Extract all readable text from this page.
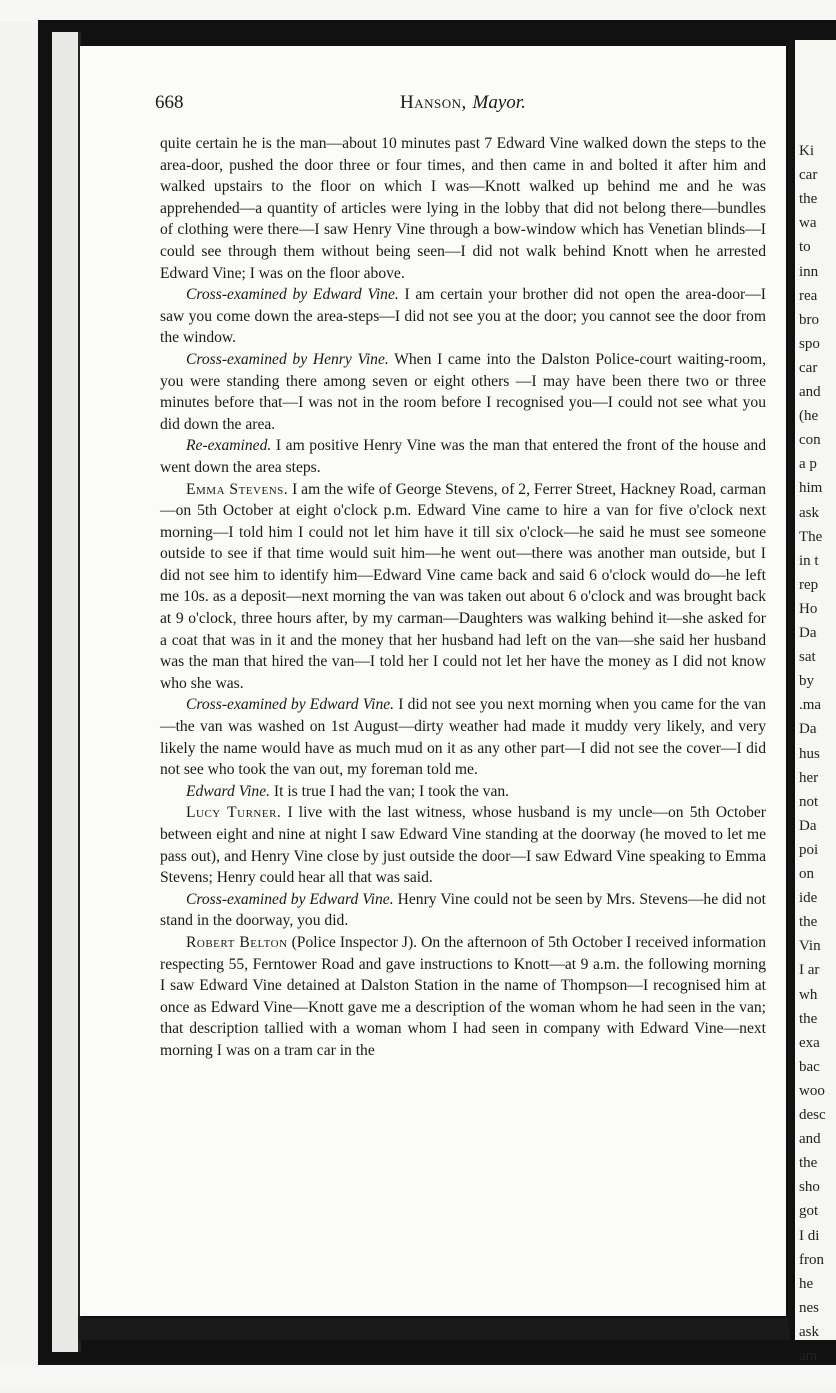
Ki
car
the
wa
to
inn
rea
bro
spo
car
and
(he
con
a p
him
ask
The
in t
rep
Ho
Da
sat
by
.ma
Da
hus
her
not
Da
poi
on
ide
the
Vin
I ar
wh
the
exa
bac
woo
desc
and
the
sho
got
I di
fron
he
nes
ask
am
668	Hanson, Mayor.

quite certain he is the man—about 10 minutes past 7 Edward Vine walked down the steps to the area-door, pushed the door three or four times, and then came in and bolted it after him and walked upstairs to the floor on which I was—Knott walked up behind me and he was apprehended—a quantity of articles were lying in the lobby that did not belong there—bundles of clothing were there—I saw Henry Vine through a bow-window which has Venetian blinds—I could see through them without being seen—I did not walk behind Knott when he arrested Edward Vine; I was on the floor above.

Cross-examined by Edward Vine. I am certain your brother did not open the area-door—I saw you come down the area-steps—I did not see you at the door; you cannot see the door from the window.

Cross-examined by Henry Vine. When I came into the Dalston Police-court waiting-room, you were standing there among seven or eight others —I may have been there two or three minutes before that—I was not in the room before I recognised you—I could not see what you did down the area.

Re-examined. I am positive Henry Vine was the man that entered the front of the house and went down the area steps.

Emma Stevens. I am the wife of George Stevens, of 2, Ferrer Street, Hackney Road, carman—on 5th October at eight o'clock p.m. Edward Vine came to hire a van for five o'clock next morning—I told him I could not let him have it till six o'clock—he said he must see someone outside to see if that time would suit him—he went out—there was another man outside, but I did not see him to identify him—Edward Vine came back and said 6 o'clock would do—he left me 10s. as a deposit—next morning the van was taken out about 6 o'clock and was brought back at 9 o'clock, three hours after, by my carman—Daughters was walking behind it—she asked for a coat that was in it and the money that her husband had left on the van—she said her husband was the man that hired the van—I told her I could not let her have the money as I did not know who she was.

Cross-examined by Edward Vine. I did not see you next morning when you came for the van—the van was washed on 1st August—dirty weather had made it muddy very likely, and very likely the name would have as much mud on it as any other part—I did not see the cover—I did not see who took the van out, my foreman told me.

Edward Vine. It is true I had the van; I took the van.

Lucy Turner. I live with the last witness, whose husband is my uncle—on 5th October between eight and nine at night I saw Edward Vine standing at the doorway (he moved to let me pass out), and Henry Vine close by just outside the door—I saw Edward Vine speaking to Emma Stevens; Henry could hear all that was said.

Cross-examined by Edward Vine. Henry Vine could not be seen by Mrs. Stevens—he did not stand in the doorway, you did.

Robert Belton (Police Inspector J). On the afternoon of 5th October I received information respecting 55, Ferntower Road and gave instructions to Knott—at 9 a.m. the following morning I saw Edward Vine detained at Dalston Station in the name of Thompson—I recognised him at once as Edward Vine—Knott gave me a description of the woman whom he had seen in the van; that description tallied with a woman whom I had seen in company with Edward Vine—next morning I was on a tram car in the
